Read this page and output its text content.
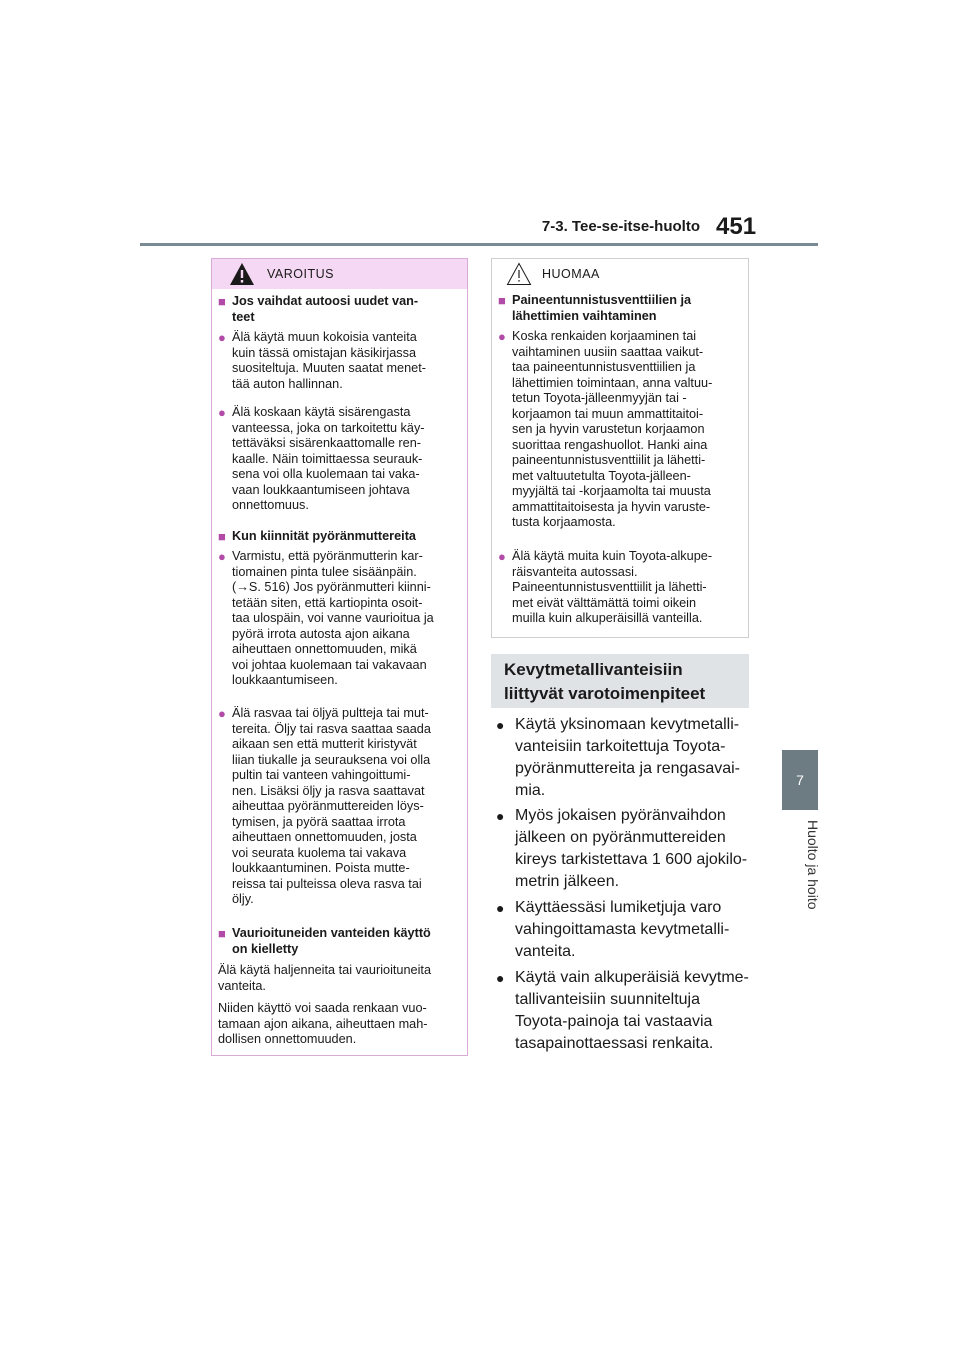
7-3. Tee-se-itse-huolto 451
7
Huolto ja hoito
VAROITUS
■ Jos vaihdat autoosi uudet van-
teet
● Älä käytä muun kokoisia vanteita
kuin tässä omistajan käsikirjassa
suositeltuja. Muuten saatat menet-
tää auton hallinnan.
● Älä koskaan käytä sisärengasta
vanteessa, joka on tarkoitettu käy-
tettäväksi sisärenkaattomalle ren-
kaalle. Näin toimittaessa seurauk-
sena voi olla kuolemaan tai vaka-
vaan loukkaantumiseen johtava
onnettomuus.
■ Kun kiinnität pyöränmuttereita
● Varmistu, että pyöränmutterin kar-
tiomainen pinta tulee sisäänpäin.
(→S. 516) Jos pyöränmutteri kiinni-
tetään siten, että kartiopinta osoit-
taa ulospäin, voi vanne vaurioitua ja
pyörä irrota autosta ajon aikana
aiheuttaen onnettomuuden, mikä
voi johtaa kuolemaan tai vakavaan
loukkaantumiseen.
● Älä rasvaa tai öljyä pultteja tai mut-
tereita. Öljy tai rasva saattaa saada
aikaan sen että mutterit kiristyvät
liian tiukalle ja seurauksena voi olla
pultin tai vanteen vahingoittumi-
nen. Lisäksi öljy ja rasva saattavat
aiheuttaa pyöränmuttereiden löys-
tymisen, ja pyörä saattaa irrota
aiheuttaen onnettomuuden, josta
voi seurata kuolema tai vakava
loukkaantuminen. Poista mutte-
reissa tai pulteissa oleva rasva tai
öljy.
■ Vaurioituneiden vanteiden käyttö
on kielletty
Älä käytä haljenneita tai vaurioituneita
vanteita.
Niiden käyttö voi saada renkaan vuo-
tamaan ajon aikana, aiheuttaen mah-
dollisen onnettomuuden.
HUOMAA
■ Paineentunnistusventtiilien ja
lähettimien vaihtaminen
● Koska renkaiden korjaaminen tai
vaihtaminen uusiin saattaa vaikut-
taa paineentunnistusventtiilien ja
lähettimien toimintaan, anna valtuu-
tetun Toyota-jälleenmyyjän tai -
korjaamon tai muun ammattitaitoi-
sen ja hyvin varustetun korjaamon
suorittaa rengashuollot. Hanki aina
paineentunnistusventtiilit ja lähetti-
met valtuutetulta Toyota-jälleen-
myyjältä tai -korjaamolta tai muusta
ammattitaitoisesta ja hyvin varuste-
tusta korjaamosta.
● Älä käytä muita kuin Toyota-alkupe-
räisvanteita autossasi.
Paineentunnistusventtiilit ja lähetti-
met eivät välttämättä toimi oikein
muilla kuin alkuperäisillä vanteilla.
Kevytmetallivanteisiin
liittyvät varotoimenpiteet
● Käytä yksinomaan kevytmetalli-
vanteisiin tarkoitettuja Toyota-
pyöränmuttereita ja rengasavai-
mia.
● Myös jokaisen pyöränvaihdon
jälkeen on pyöränmuttereiden
kireys tarkistettava 1 600 ajokilo-
metrin jälkeen.
● Käyttäessäsi lumiketjuja varo
vahingoittamasta kevytmetalli-
vanteita.
● Käytä vain alkuperäisiä kevytme-
tallivanteisiin suunniteltuja
Toyota-painoja tai vastaavia
tasapainottaessasi renkaita.
